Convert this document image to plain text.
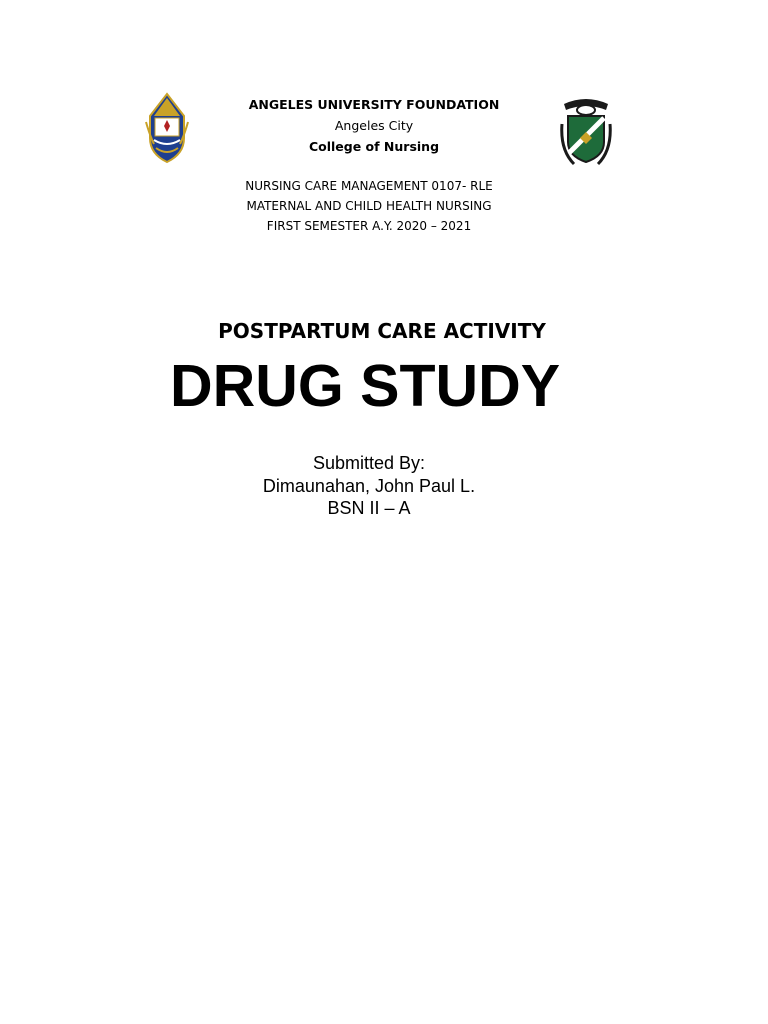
ANGELES UNIVERSITY FOUNDATION
Angeles City
College of Nursing
NURSING CARE MANAGEMENT 0107- RLE
MATERNAL AND CHILD HEALTH NURSING
FIRST SEMESTER A.Y. 2020 – 2021
POSTPARTUM CARE ACTIVITY
DRUG STUDY
Submitted By:
Dimaunahan, John Paul L.
BSN II – A
